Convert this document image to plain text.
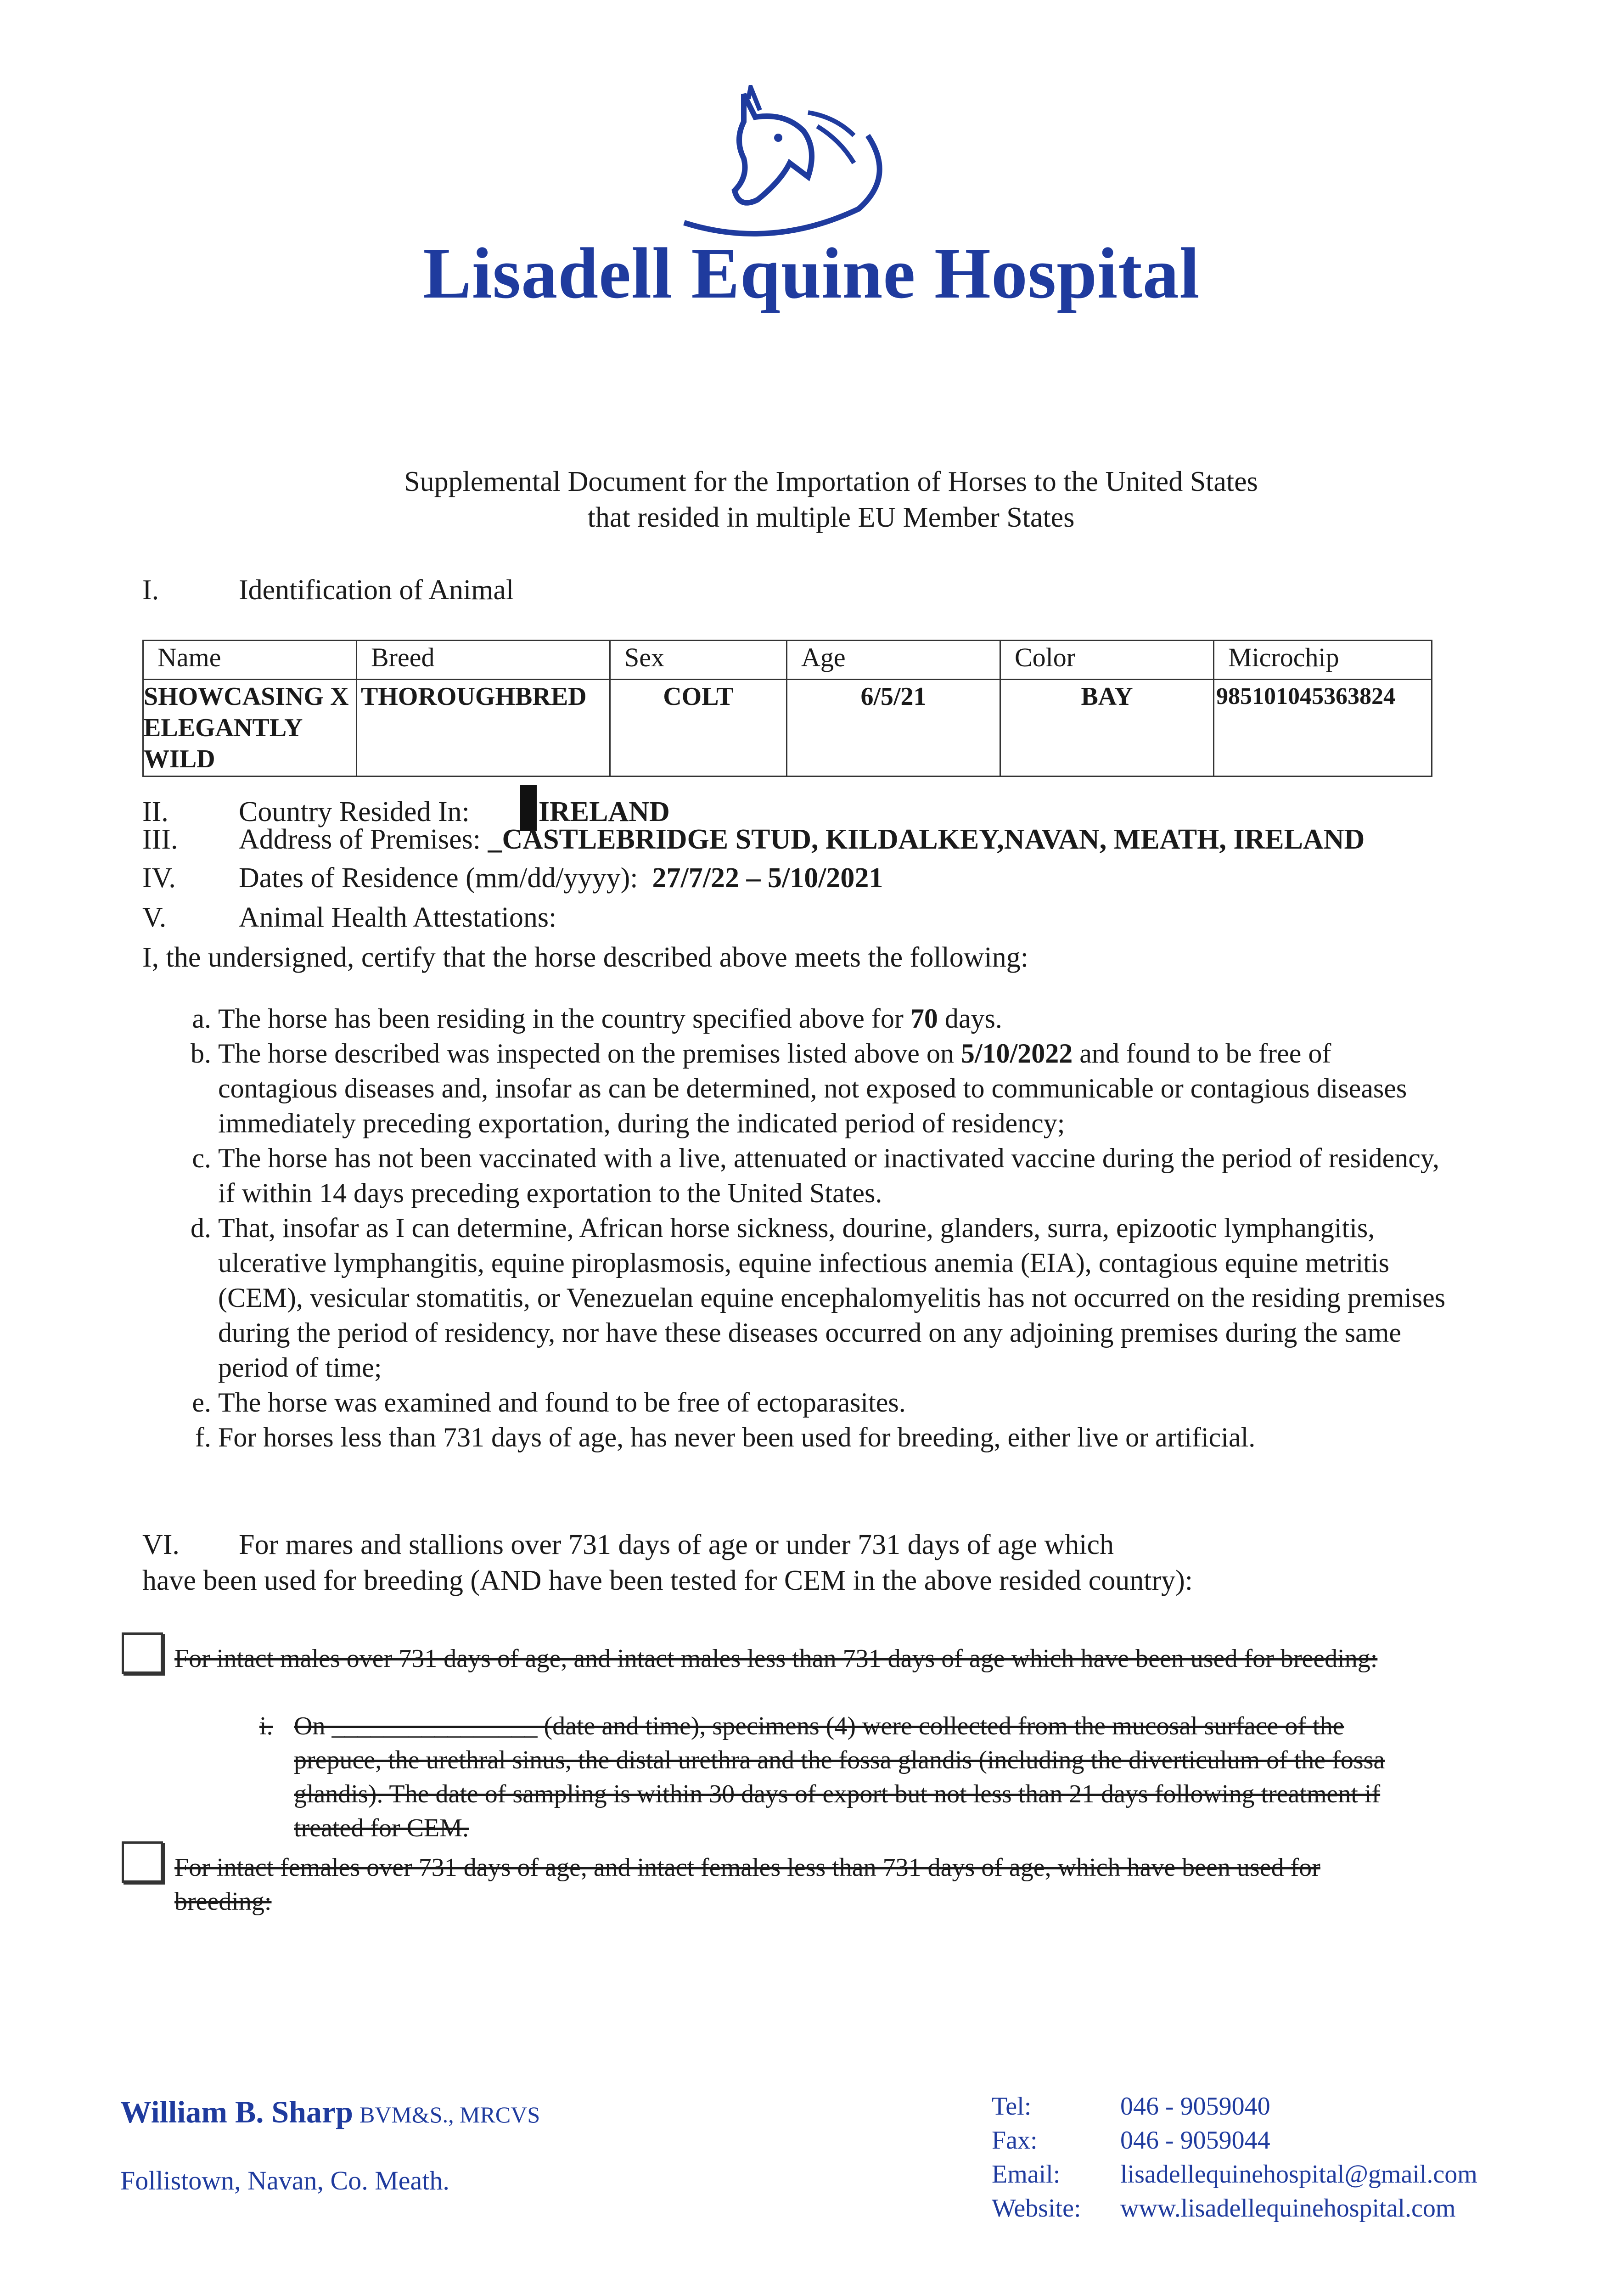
Lisadell Equine Hospital
Supplemental Document for the Importation of Horses to the United States
that resided in multiple EU Member States
I.	Identification of Animal
Name	Breed	Sex	Age	Color	Microchip
SHOWCASING X ELEGANTLY WILD	THOROUGHBRED	COLT	6/5/21	BAY	985101045363824
II. Country Resided In: IRELAND
III. Address of Premises: _CASTLEBRIDGE STUD, KILDALKEY,NAVAN, MEATH, IRELAND
IV. Dates of Residence (mm/dd/yyyy): 27/7/22 – 5/10/2021
V.	Animal Health Attestations:
I, the undersigned, certify that the horse described above meets the following:
a. The horse has been residing in the country specified above for 70 days.
b. The horse described was inspected on the premises listed above on 5/10/2022 and found to be free of contagious diseases and, insofar as can be determined, not exposed to communicable or contagious diseases immediately preceding exportation, during the indicated period of residency;
c. The horse has not been vaccinated with a live, attenuated or inactivated vaccine during the period of residency, if within 14 days preceding exportation to the United States.
d. That, insofar as I can determine, African horse sickness, dourine, glanders, surra, epizootic lymphangitis, ulcerative lymphangitis, equine piroplasmosis, equine infectious anemia (EIA), contagious equine metritis (CEM), vesicular stomatitis, or Venezuelan equine encephalomyelitis has not occurred on the residing premises during the period of residency, nor have these diseases occurred on any adjoining premises during the same period of time;
e. The horse was examined and found to be free of ectoparasites.
f. For horses less than 731 days of age, has never been used for breeding, either live or artificial.
VI. For mares and stallions over 731 days of age or under 731 days of age which
have been used for breeding (AND have been tested for CEM in the above resided country):
For intact males over 731 days of age, and intact males less than 731 days of age which have been used for breeding:
i. On ________________ (date and time), specimens (4) were collected from the mucosal surface of the prepuce, the urethral sinus, the distal urethra and the fossa glandis (including the diverticulum of the fossa glandis). The date of sampling is within 30 days of export but not less than 21 days following treatment if treated for CEM.
For intact females over 731 days of age, and intact females less than 731 days of age, which have been used for breeding:
William B. Sharp BVM&S., MRCVS
Follistown, Navan, Co. Meath.
Tel:	046 - 9059040
Fax:	046 - 9059044
Email: lisadellequinehospital@gmail.com
Website: www.lisadellequinehospital.com
